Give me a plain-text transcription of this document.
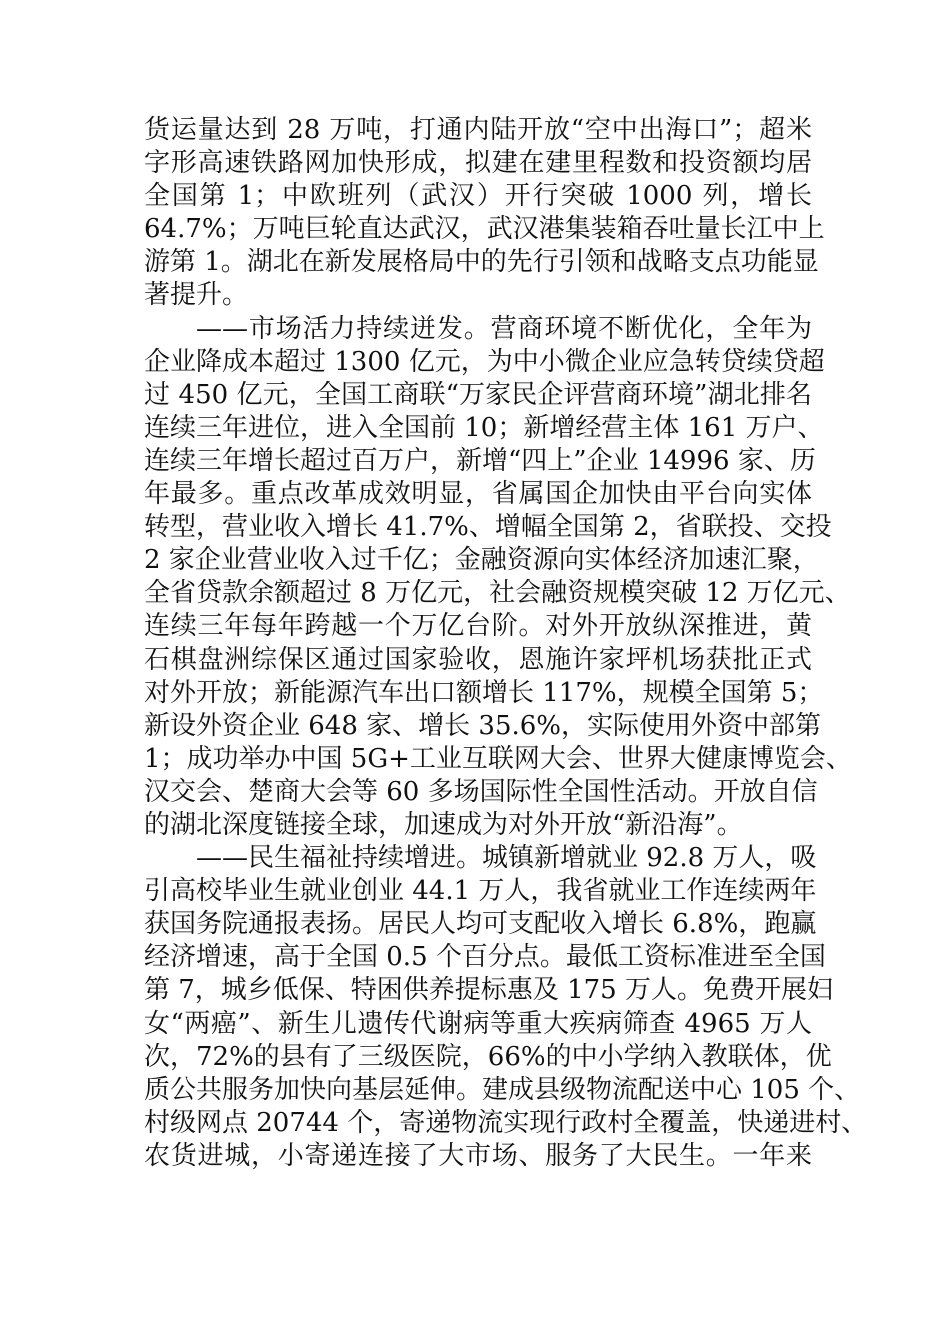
货运量达到 28 万吨，打通内陆开放“空中出海口”；超米
字形高速铁路网加快形成，拟建在建里程数和投资额均居
全国第 1；中欧班列（武汉）开行突破 1000 列，增长
64.7%；万吨巨轮直达武汉，武汉港集装箱吞吐量长江中上
游第 1。湖北在新发展格局中的先行引领和战略支点功能显
著提升。
——市场活力持续迸发。营商环境不断优化，全年为
企业降成本超过 1300 亿元，为中小微企业应急转贷续贷超
过 450 亿元，全国工商联“万家民企评营商环境”湖北排名
连续三年进位，进入全国前 10；新增经营主体 161 万户、
连续三年增长超过百万户，新增“四上”企业 14996 家、历
年最多。重点改革成效明显，省属国企加快由平台向实体
转型，营业收入增长 41.7%、增幅全国第 2，省联投、交投
2 家企业营业收入过千亿；金融资源向实体经济加速汇聚，
全省贷款余额超过 8 万亿元，社会融资规模突破 12 万亿元、
连续三年每年跨越一个万亿台阶。对外开放纵深推进，黄
石棋盘洲综保区通过国家验收，恩施许家坪机场获批正式
对外开放；新能源汽车出口额增长 117%，规模全国第 5；
新设外资企业 648 家、增长 35.6%，实际使用外资中部第
1；成功举办中国 5G+工业互联网大会、世界大健康博览会、
汉交会、楚商大会等 60 多场国际性全国性活动。开放自信
的湖北深度链接全球，加速成为对外开放“新沿海”。
——民生福祉持续增进。城镇新增就业 92.8 万人，吸
引高校毕业生就业创业 44.1 万人，我省就业工作连续两年
获国务院通报表扬。居民人均可支配收入增长 6.8%，跑赢
经济增速，高于全国 0.5 个百分点。最低工资标准进至全国
第 7，城乡低保、特困供养提标惠及 175 万人。免费开展妇
女“两癌”、新生儿遗传代谢病等重大疾病筛查 4965 万人
次，72%的县有了三级医院，66%的中小学纳入教联体，优
质公共服务加快向基层延伸。建成县级物流配送中心 105 个、
村级网点 20744 个，寄递物流实现行政村全覆盖，快递进村、
农货进城，小寄递连接了大市场、服务了大民生。一年来
